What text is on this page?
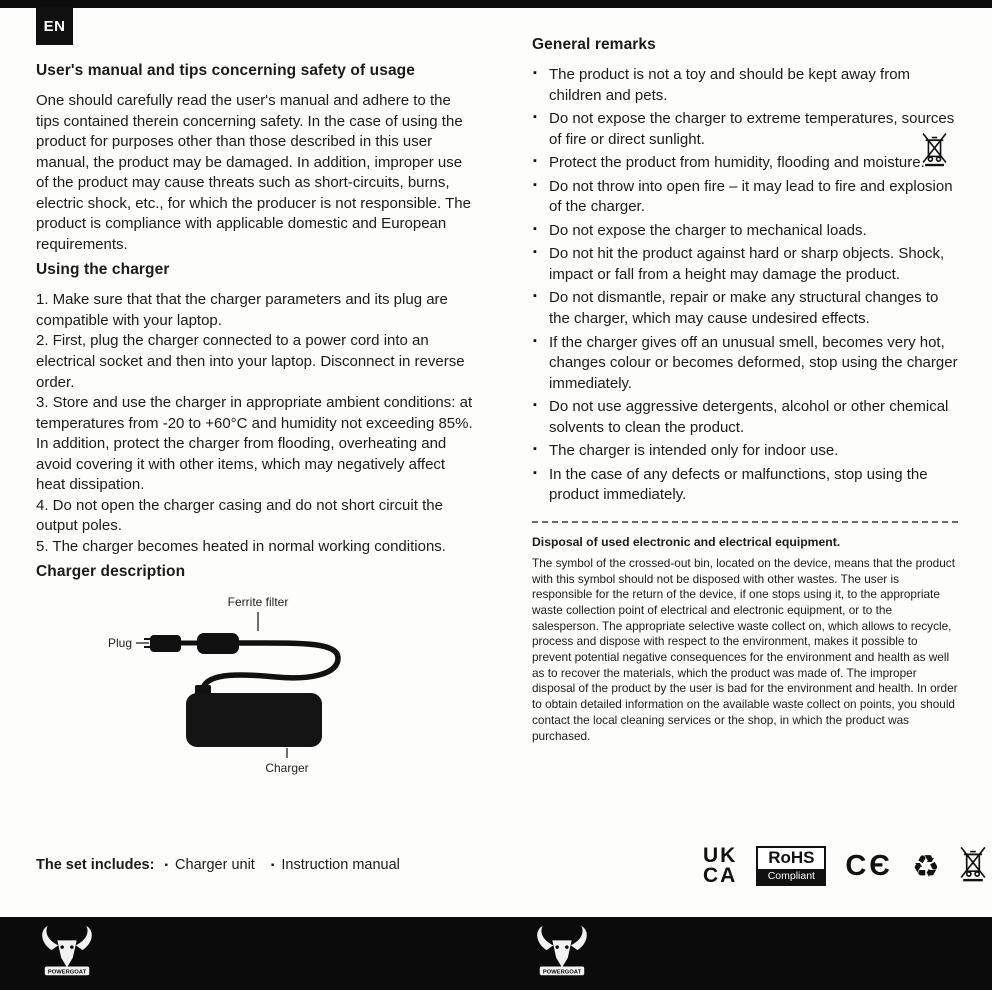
EN
User's manual and tips concerning safety of usage

One should carefully read the user's manual and adhere to the tips contained therein concerning safety. In the case of using the product for purposes other than those described in this user manual, the product may be damaged. In addition, improper use of the product may cause threats such as short-circuits, burns, electric shock, etc., for which the producer is not responsible. The product is compliance with applicable domestic and European requirements.

Using the charger
1. Make sure that that the charger parameters and its plug are compatible with your laptop.
2. First, plug the charger connected to a power cord into an electrical socket and then into your laptop. Disconnect in reverse order.
3. Store and use the charger in appropriate ambient conditions: at temperatures from -20 to +60°C and humidity not exceeding 85%. In addition, protect the charger from flooding, overheating and avoid covering it with other items, which may negatively affect heat dissipation.
4. Do not open the charger casing and do not short circuit the output poles.
5. The charger becomes heated in normal working conditions.
Charger description
Ferrite filter
Plug
Charger
The set includes: ▪ Charger unit ▪ Instruction manual
General remarks
▪ The product is not a toy and should be kept away from children and pets.
▪ Do not expose the charger to extreme temperatures, sources of fire or direct sunlight.
▪ Protect the product from humidity, flooding and moisture.
▪ Do not throw into open fire – it may lead to fire and explosion of the charger.
▪ Do not expose the charger to mechanical loads.
▪ Do not hit the product against hard or sharp objects. Shock, impact or fall from a height may damage the product.
▪ Do not dismantle, repair or make any structural changes to the charger, which may cause undesired effects.
▪ If the charger gives off an unusual smell, becomes very hot, changes colour or becomes deformed, stop using the charger immediately.
▪ Do not use aggressive detergents, alcohol or other chemical solvents to clean the product.
▪ The charger is intended only for indoor use.
▪ In the case of any defects or malfunctions, stop using the product immediately.
Disposal of used electronic and electrical equipment.

The symbol of the crossed-out bin, located on the device, means that the product with this symbol should not be disposed with other wastes. The user is responsible for the return of the device, if one stops using it, to the appropriate waste collection point of electrical and electronic equipment, or to the salesperson. The appropriate selective waste collect on, which allows to recycle, process and dispose with respect to the environment, makes it possible to prevent potential negative consequences for the environment and health as well as to recover the materials, which the product was made of. The improper disposal of the product by the user is bad for the environment and health. In order to obtain detailed information on the available waste collect on points, you should contact the local cleaning services or the shop, in which the product was purchased.

UK
CA
RoHS
Compliant	CЄ ♻
POWERGOAT	POWERGOAT
